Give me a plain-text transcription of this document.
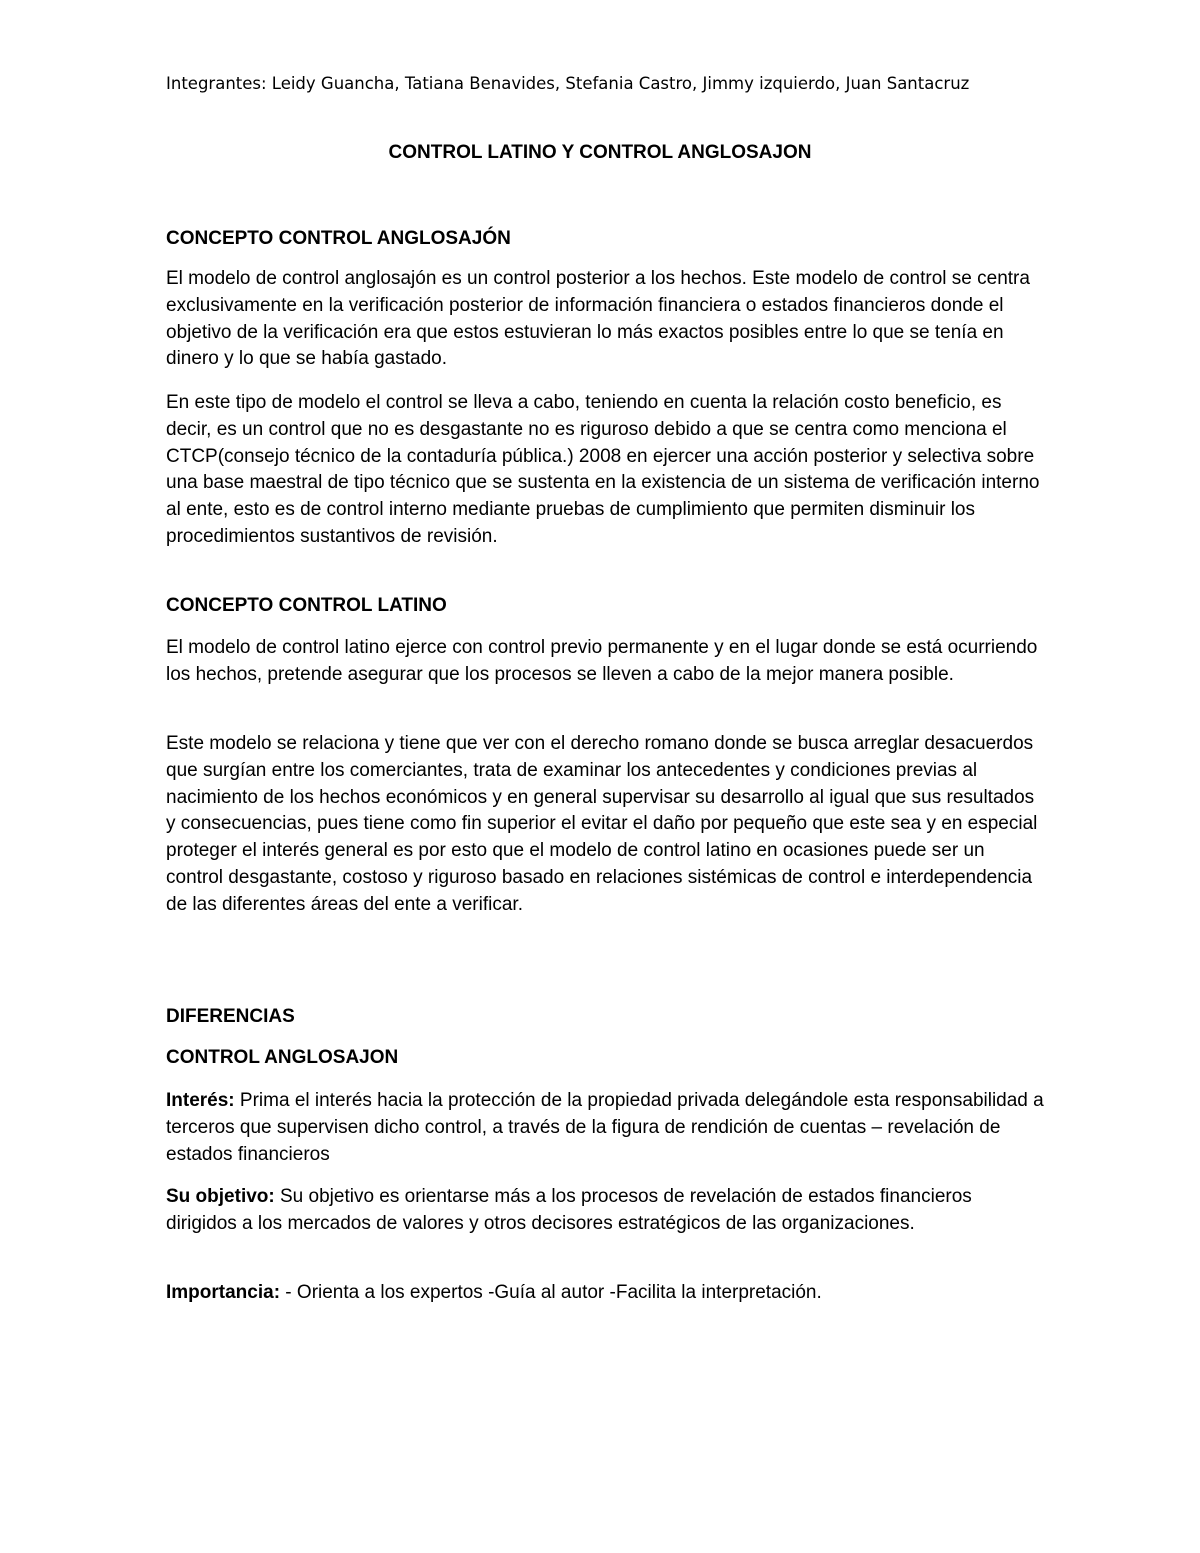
Integrantes: Leidy Guancha, Tatiana Benavides, Stefania Castro, Jimmy izquierdo, Juan Santacruz

CONTROL LATINO Y CONTROL ANGLOSAJON
CONCEPTO CONTROL ANGLOSAJÓN

El modelo de control anglosajón es un control posterior a los hechos. Este modelo de control se centra exclusivamente en la verificación posterior de información financiera o estados financieros donde el objetivo de la verificación era que estos estuvieran lo más exactos posibles entre lo que se tenía en dinero y lo que se había gastado.

En este tipo de modelo el control se lleva a cabo, teniendo en cuenta la relación costo beneficio, es decir, es un control que no es desgastante no es riguroso debido a que se centra como menciona el CTCP(consejo técnico de la contaduría pública.) 2008 en ejercer una acción posterior y selectiva sobre una base maestral de tipo técnico que se sustenta en la existencia de un sistema de verificación interno al ente, esto es de control interno mediante pruebas de cumplimiento que permiten disminuir los procedimientos sustantivos de revisión.

CONCEPTO CONTROL LATINO

El modelo de control latino ejerce con control previo permanente y en el lugar donde se está ocurriendo los hechos, pretende asegurar que los procesos se lleven a cabo de la mejor manera posible.

Este modelo se relaciona y tiene que ver con el derecho romano donde se busca arreglar desacuerdos que surgían entre los comerciantes, trata de examinar los antecedentes y condiciones previas al nacimiento de los hechos económicos y en general supervisar su desarrollo al igual que sus resultados y consecuencias, pues tiene como fin superior el evitar el daño por pequeño que este sea y en especial proteger el interés general es por esto que el modelo de control latino en ocasiones puede ser un control desgastante, costoso y riguroso basado en relaciones sistémicas de control e interdependencia de las diferentes áreas del ente a verificar.

DIFERENCIAS
CONTROL ANGLOSAJON

Interés: Prima el interés hacia la protección de la propiedad privada delegándole esta responsabilidad a terceros que supervisen dicho control, a través de la figura de rendición de cuentas – revelación de estados financieros

Su objetivo: Su objetivo es orientarse más a los procesos de revelación de estados financieros dirigidos a los mercados de valores y otros decisores estratégicos de las organizaciones.

Importancia: - Orienta a los expertos -Guía al autor -Facilita la interpretación.
